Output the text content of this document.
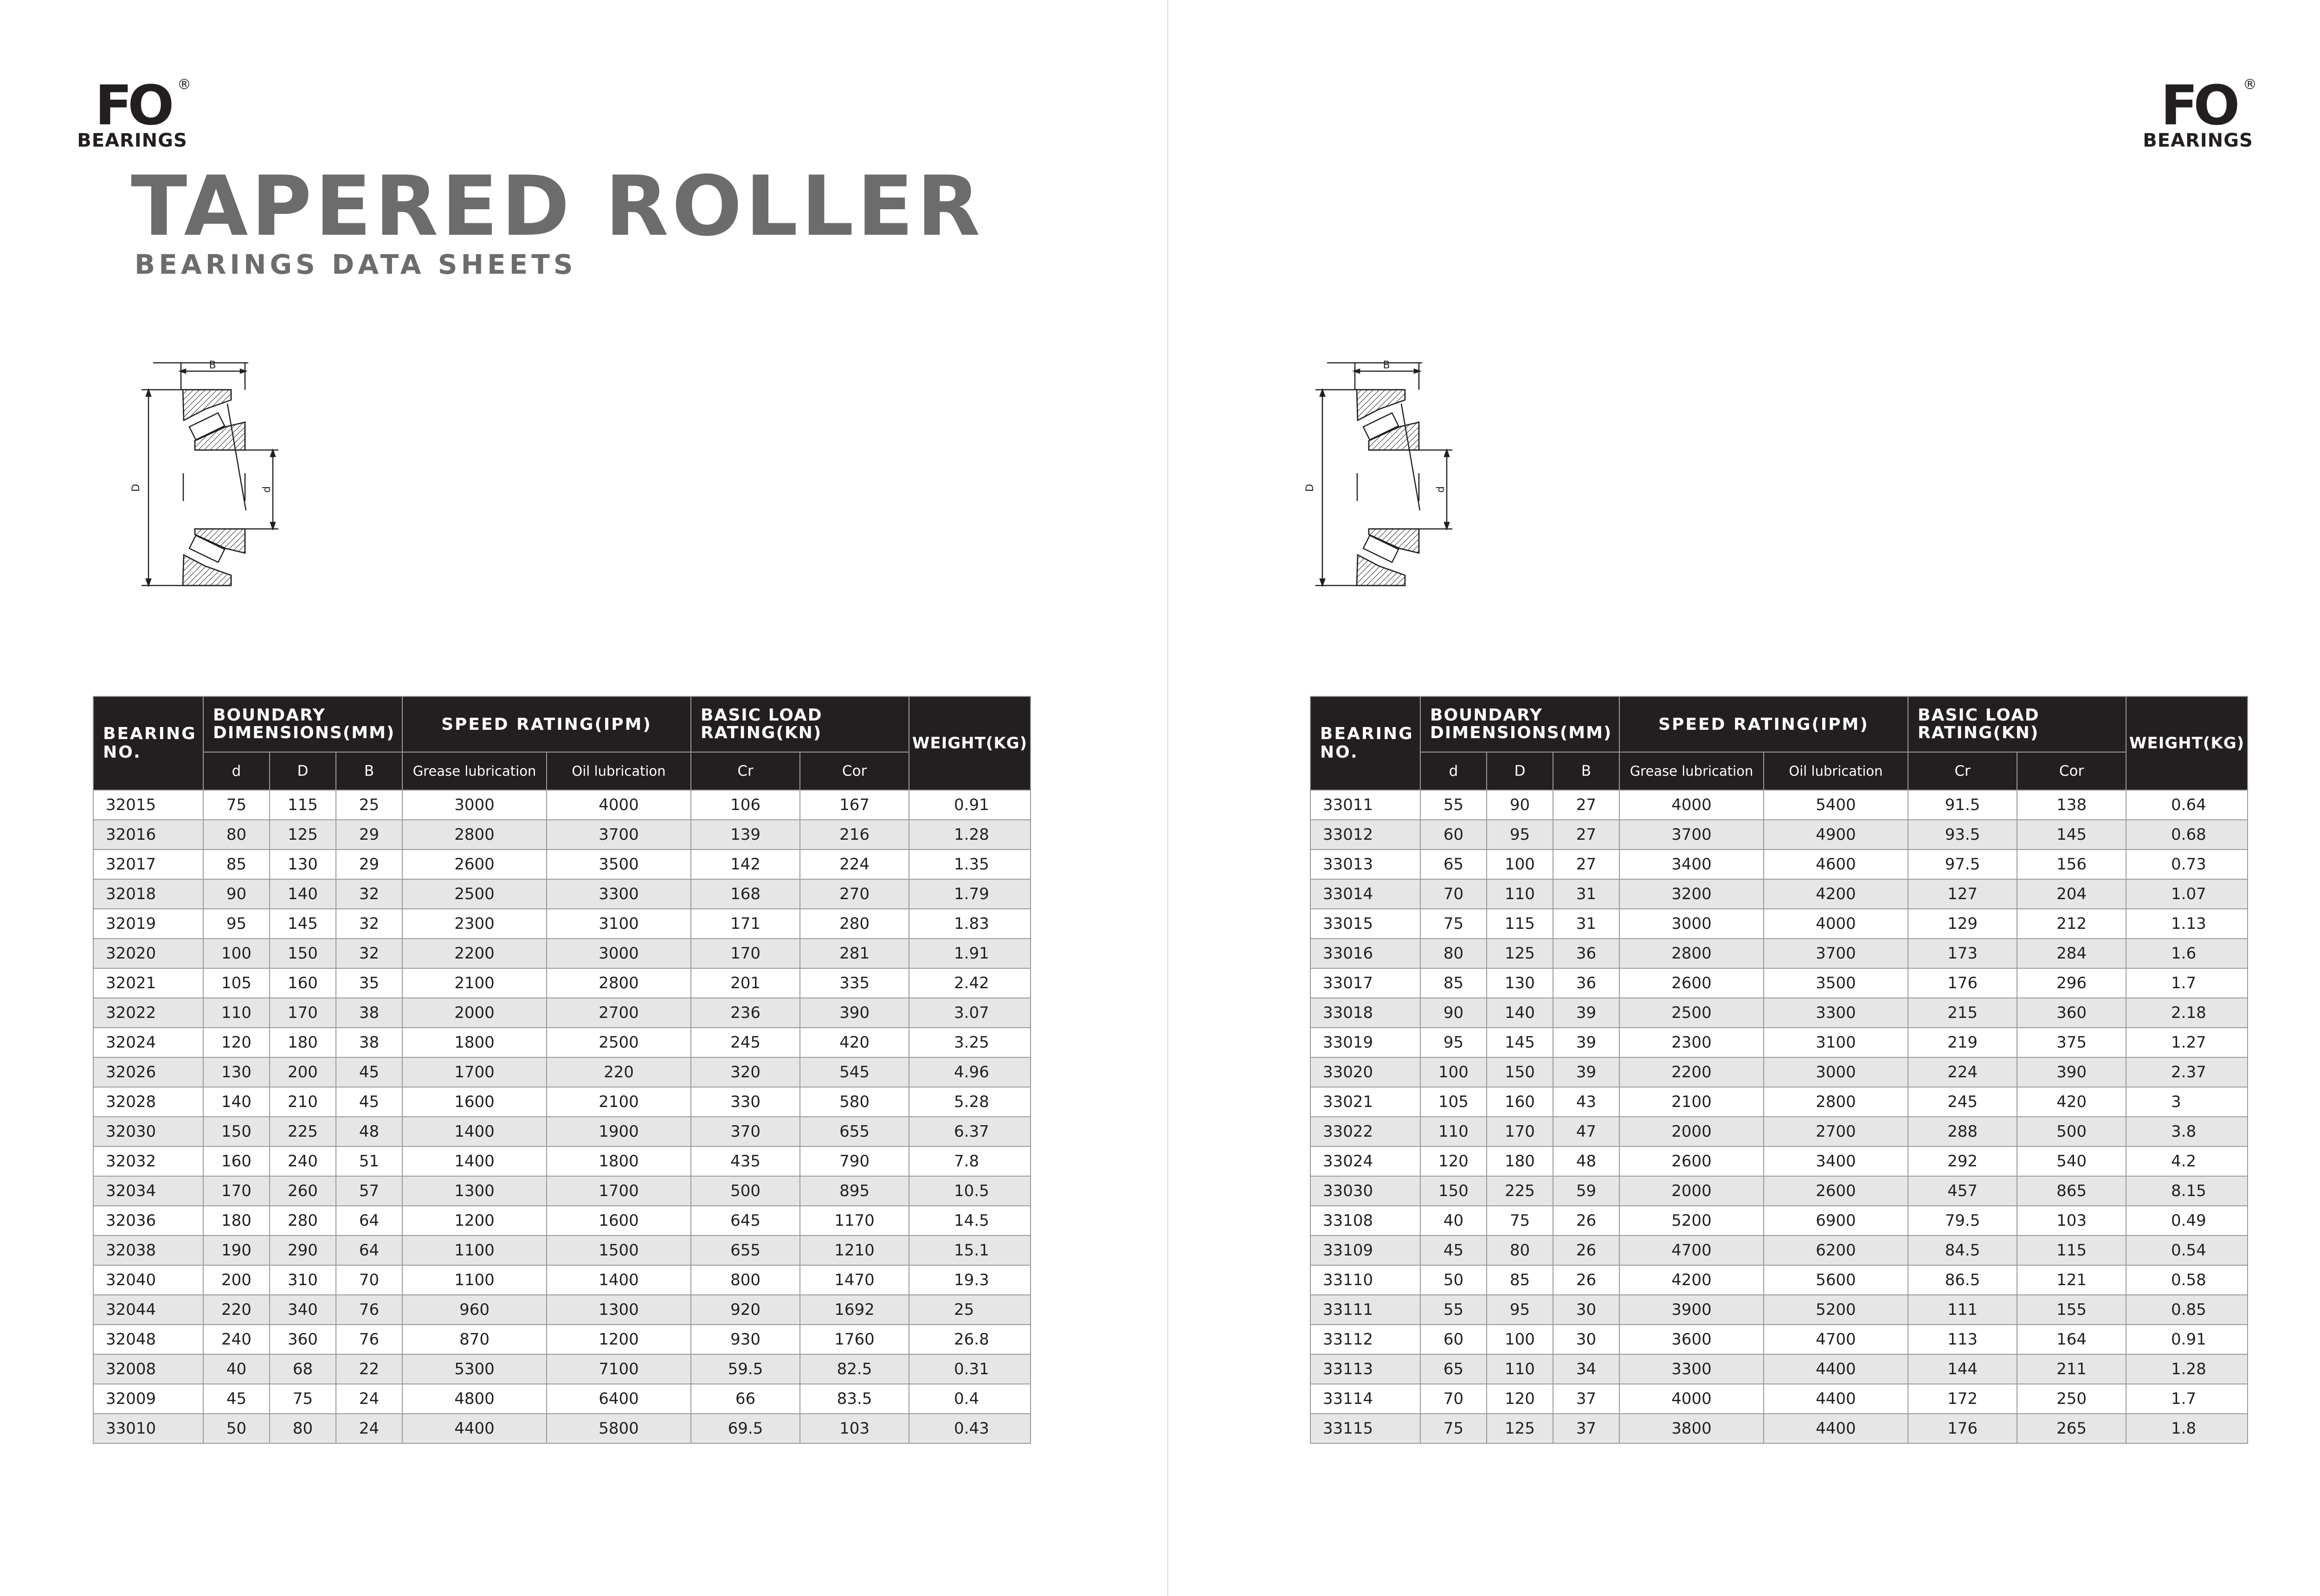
FO ®
BEARINGS
FO ®
BEARINGS
TAPERED ROLLER
BEARINGS DATA SHEETS
B
D	d
B
D	d
BEARING NO.	BOUNDARY DIMENSIONS(MM)			SPEED RATING(IPM)		BASIC LOAD RATING(KN)		WEIGHT(KG)
	d	D	B	Grease lubrication	Oil lubrication	Cr	Cor	
32015	75	115	25	3000	4000	106	167	0.91
32016	80	125	29	2800	3700	139	216	1.28
32017	85	130	29	2600	3500	142	224	1.35
32018	90	140	32	2500	3300	168	270	1.79
32019	95	145	32	2300	3100	171	280	1.83
32020	100	150	32	2200	3000	170	281	1.91
32021	105	160	35	2100	2800	201	335	2.42
32022	110	170	38	2000	2700	236	390	3.07
32024	120	180	38	1800	2500	245	420	3.25
32026	130	200	45	1700	220	320	545	4.96
32028	140	210	45	1600	2100	330	580	5.28
32030	150	225	48	1400	1900	370	655	6.37
32032	160	240	51	1400	1800	435	790	7.8
32034	170	260	57	1300	1700	500	895	10.5
32036	180	280	64	1200	1600	645	1170	14.5
32038	190	290	64	1100	1500	655	1210	15.1
32040	200	310	70	1100	1400	800	1470	19.3
32044	220	340	76	960	1300	920	1692	25
32048	240	360	76	870	1200	930	1760	26.8
32008	40	68	22	5300	7100	59.5	82.5	0.31
32009	45	75	24	4800	6400	66	83.5	0.4
33010	50	80	24	4400	5800	69.5	103	0.43
BEARING NO.	BOUNDARY DIMENSIONS(MM)			SPEED RATING(IPM)		BASIC LOAD RATING(KN)		WEIGHT(KG)
	d	D	B	Grease lubrication	Oil lubrication	Cr	Cor	
33011	55	90	27	4000	5400	91.5	138	0.64
33012	60	95	27	3700	4900	93.5	145	0.68
33013	65	100	27	3400	4600	97.5	156	0.73
33014	70	110	31	3200	4200	127	204	1.07
33015	75	115	31	3000	4000	129	212	1.13
33016	80	125	36	2800	3700	173	284	1.6
33017	85	130	36	2600	3500	176	296	1.7
33018	90	140	39	2500	3300	215	360	2.18
33019	95	145	39	2300	3100	219	375	1.27
33020	100	150	39	2200	3000	224	390	2.37
33021	105	160	43	2100	2800	245	420	3
33022	110	170	47	2000	2700	288	500	3.8
33024	120	180	48	2600	3400	292	540	4.2
33030	150	225	59	2000	2600	457	865	8.15
33108	40	75	26	5200	6900	79.5	103	0.49
33109	45	80	26	4700	6200	84.5	115	0.54
33110	50	85	26	4200	5600	86.5	121	0.58
33111	55	95	30	3900	5200	111	155	0.85
33112	60	100	30	3600	4700	113	164	0.91
33113	65	110	34	3300	4400	144	211	1.28
33114	70	120	37	4000	4400	172	250	1.7
33115	75	125	37	3800	4400	176	265	1.8
